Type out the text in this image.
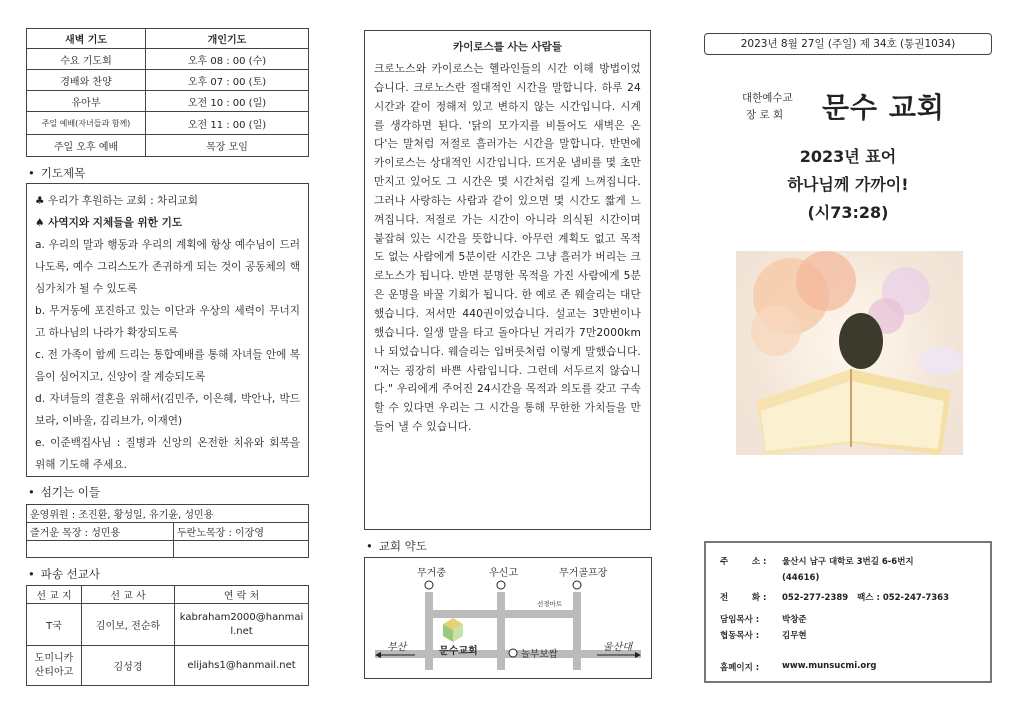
새벽 기도	개인기도
수요 기도회	오후 08 : 00 (수)
경배와 찬양	오후 07 : 00 (토)
유아부	오전 10 : 00 (일)
주일 예배(자녀들과 함께)	오전 11 : 00 (일)
주일 오후 예배	목장 모임
• 기도제목

♣ 우리가 후원하는 교회 : 차리교회

♠ 사역지와 지체들을 위한 기도

a. 우리의 말과 행동과 우리의 계획에 항상 예수님이 드러나도록, 예수 그리스도가 존귀하게 되는 것이 공동체의 핵심가치가 될 수 있도록

b. 무거동에 포진하고 있는 이단과 우상의 세력이 무너지고 하나님의 나라가 확장되도록

c. 전 가족이 함께 드리는 통합예배를 통해 자녀들 안에 복음이 심어지고, 신앙이 잘 계승되도록

d. 자녀들의 결혼을 위해서(김민주, 이은혜, 박안나, 박드보라, 이바울, 김리브가, 이재연)

e. 이준백집사님 : 질병과 신앙의 온전한 치유와 회복을 위해 기도해 주세요.

• 섬기는 이들
운영위원 : 조진환, 황성일, 유기윤, 성민용	
즐거운 목장 : 성민용	두란노목장 : 이장영

• 파송 선교사
선 교 지	선 교 사	연 락 처
T국	김이보, 전순하	kabraham2000@hanmail.net
도미니카 산티아고	김성경	elijahs1@hanmail.net
카이로스를 사는 사람들

크로노스와 카이로스는 헬라인들의 시간 이해 방법이었습니다. 크로노스란 절대적인 시간을 말합니다. 하루 24시간과 같이 정해져 있고 변하지 않는 시간입니다. 시계를 생각하면 된다. '닭의 모가지를 비틀어도 새벽은 온다'는 말처럼 저절로 흘러가는 시간을 말합니다. 반면에 카이로스는 상대적인 시간입니다. 뜨거운 냄비를 몇 초만 만지고 있어도 그 시간은 몇 시간처럼 길게 느껴집니다. 그러나 사랑하는 사람과 같이 있으면 몇 시간도 짧게 느껴집니다. 저절로 가는 시간이 아니라 의식된 시간이며 붙잡혀 있는 시간을 뜻합니다. 아무런 계획도 없고 목적도 없는 사람에게 5분이란 시간은 그냥 흘러가 버리는 크로노스가 됩니다. 반면 분명한 목적을 가진 사람에게 5분은 운명을 바꿀 기회가 됩니다. 한 예로 존 웨슬리는 대단했습니다. 저서만 440권이었습니다. 설교는 3만번이나 했습니다. 일생 말을 타고 돌아다닌 거리가 7만2000km나 되었습니다. 웨슬리는 입버릇처럼 이렇게 말했습니다. "저는 굉장히 바쁜 사람입니다. 그런데 서두르지 않습니다." 우리에게 주어진 24시간을 목적과 의도를 갖고 구속할 수 있다면 우리는 그 시간을 통해 무한한 가치들을 만들어 낼 수 있습니다.

• 교회 약도
무거중	우신고	무거골프장
선경마트
문수교회	놀부보쌈
부산	울산대
2023년 8월 27일 (주일) 제 34호 (통권1034)
대한예수교
장 로 회 문수 교회
2023년 표어
하나님께 가까이!
(시73:28)
주        소 : 울산시 남구 대학로 3번길 6-6번지
(44616)
전        화 : 052-277-2389   팩스 : 052-247-7363
담임목사 :	박창준
협동목사 :	김무현
홈페이지 :	www.munsucmi.org
